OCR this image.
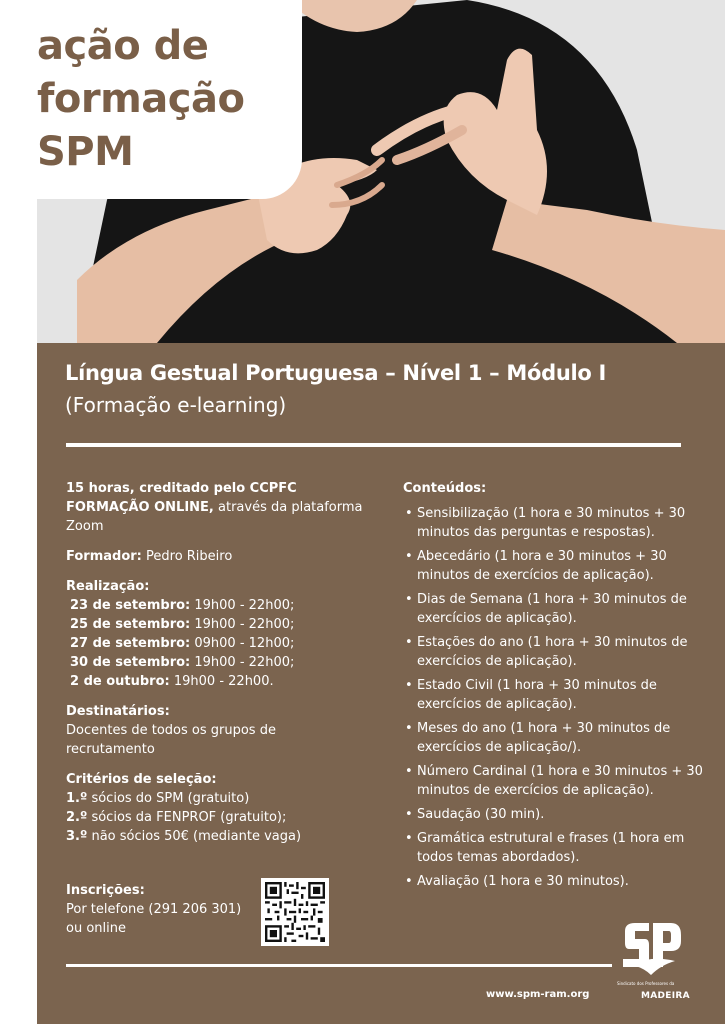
ação de
formação
SPM
Língua Gestual Portuguesa – Nível 1 – Módulo I
(Formação e-learning)
15 horas, creditado pelo CCPFC
FORMAÇÃO ONLINE, através da plataforma Zoom
Formador: Pedro Ribeiro
Realização:
23 de setembro: 19h00 - 22h00;
25 de setembro: 19h00 - 22h00;
27 de setembro: 09h00 - 12h00;
30 de setembro: 19h00 - 22h00;
2 de outubro: 19h00 - 22h00.
Destinatários:
Docentes de todos os grupos de recrutamento
Critérios de seleção:
1.º sócios do SPM (gratuito)
2.º sócios da FENPROF (gratuito);
3.º não sócios 50€ (mediante vaga)
Inscrições:
Por telefone (291 206 301) ou online
Conteúdos:
• Sensibilização (1 hora e 30 minutos + 30 minutos das perguntas e respostas).
• Abecedário (1 hora e 30 minutos + 30 minutos de exercícios de aplicação).
• Dias de Semana (1 hora + 30 minutos de exercícios de aplicação).
• Estações do ano (1 hora + 30 minutos de exercícios de aplicação).
• Estado Civil (1 hora + 30 minutos de exercícios de aplicação).
• Meses do ano (1 hora + 30 minutos de exercícios de aplicação/).
• Número Cardinal (1 hora e 30 minutos + 30 minutos de exercícios de aplicação).
• Saudação (30 min).
• Gramática estrutural e frases (1 hora em todos temas abordados).
• Avaliação (1 hora e 30 minutos).
www.spm-ram.org
Sindicato dos Professores da
MADEIRA
